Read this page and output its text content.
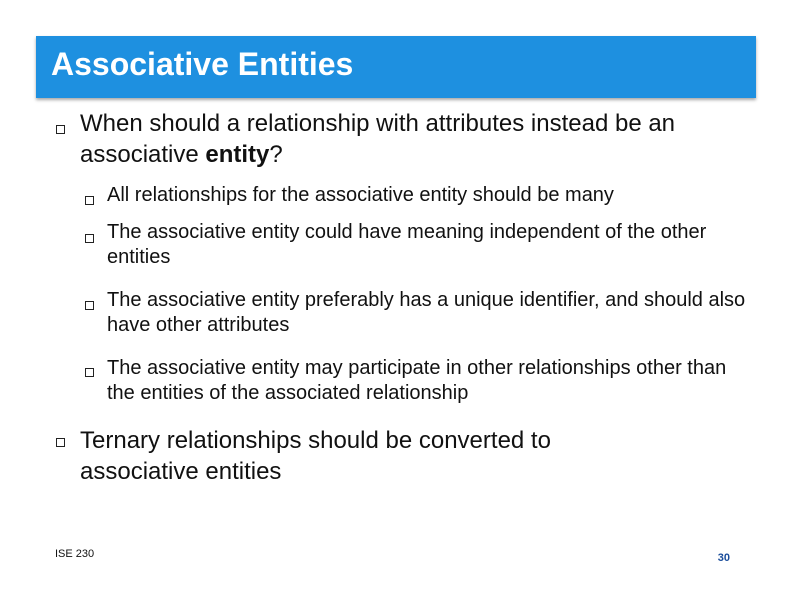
Associative Entities
When should a relationship with attributes instead be an associative entity?
All relationships for the associative entity should be many
The associative entity could have meaning independent of the other entities
The associative entity preferably has a unique identifier, and should also have other attributes
The associative entity may participate in other relationships other than the entities of the associated relationship
Ternary relationships should be converted to associative entities
ISE 230	30
